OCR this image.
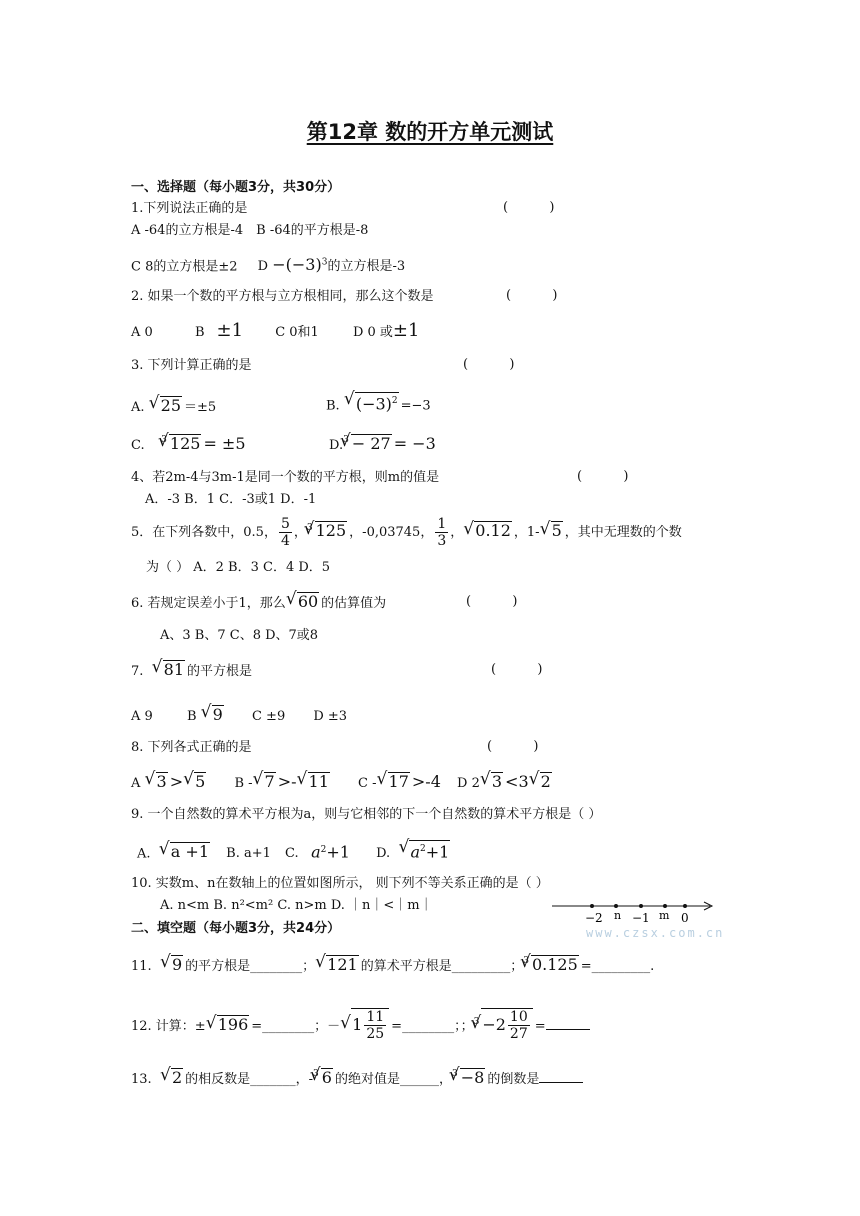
第12章 数的开方单元测试
一、选择题（每小题3分，共30分）
1.下列说法正确的是	(          )
A -64的立方根是-4　 B -64的平方根是-8
C 8的立方根是±2 $D -(-3)^3$的立方根是-3
2. 如果一个数的平方根与立方根相同，那么这个数是	(          )
A 0	B ±1 C 0和1	D 0 或±1
3. 下列计算正确的是	(          )
A. √ 25 ＝±5	B. √ $(-3)^2 =-3$
C. $^3$ √ 125 = ±5	D.$^3$ √ − 27 = −3
4、若2m-4与3m-1是同一个数的平方根，则m的值是	(          )
A．-3 B．1 C．-3或1 D．-1
5．在下列各数中，0.5， $\frac{5}{4}$ ，$^3$ √ 125 ，-0,03745， $\frac{1}{3}$ ， √ 0.12 ，1- √ 5 ，其中无理数的个数
为（ ） A．2 B．3 C．4 D．5
6. 若规定误差小于1，那么 √ 60 的估算值为	(          )
A、3 B、7 C、8 D、7或8
7. √ 81 的平方根是	(          )
A 9	B √ 9 C ±9 D ±3
8. 下列各式正确的是	(          )
A √ 3 > √ 5 B - √ 7 >- √ 11 C - √ 17 >-4 D 2 √ 3 <3 √ 2
9. 一个自然数的算术平方根为a，则与它相邻的下一个自然数的算术平方根是（ ）
A. √ a +1 B. a+1 C. $a^2+1$ D. √ $a^2+1$
10. 实数m、n在数轴上的位置如图所示， 则下列不等关系正确的是（ ）
A. n<m B. n²<m² C. n>m D. ｜n｜<｜m｜
−2 n −1 m 0
www.czsx.com.cn
二、填空题（每小题3分，共24分）
11. √ 9 的平方根是________； √ 121 的算术平方根是_________；$^3$ √ 0.125 =_________.
12. 计算：± √ 196 =________；－ √ $1 \frac{11}{25}$ =________；；$^3$ √ $-2 \frac{10}{27}$ =
13. √ 2 的相反数是_______，-$^3$ √ 6 的绝对值是______，$^3$ √ −8 的倒数是
